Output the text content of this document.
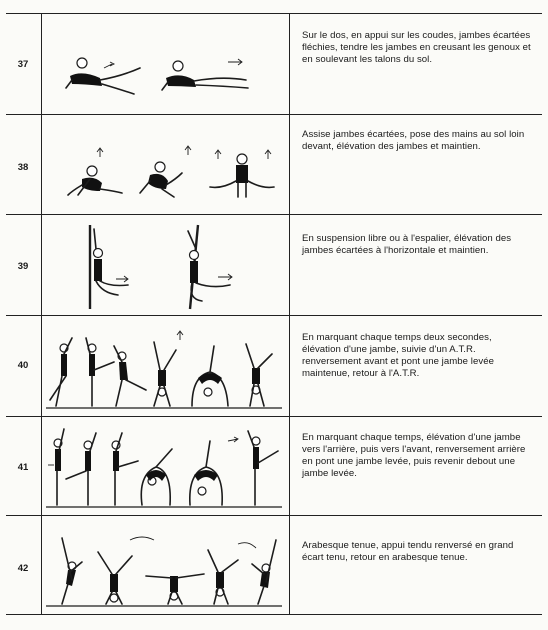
37
Sur le dos, en appui sur les coudes, jambes écartées fléchies, tendre les jambes en creusant les genoux et en soulevant les talons du sol.
38
Assise jambes écartées, pose des mains au sol loin devant, élévation des jambes et maintien.
39
En suspension libre ou à l'espalier, élévation des jambes écartées à l'horizontale et maintien.
40
En marquant chaque temps deux secondes, élévation d'une jambe, suivie d'un A.T.R. renversement avant et pont une jambe levée maintenue, retour à l'A.T.R.
41
En marquant chaque temps, élévation d'une jambe vers l'arrière, puis vers l'avant, renversement arrière en pont une jambe levée, puis revenir debout une jambe levée.
42
Arabesque tenue, appui tendu renversé en grand écart tenu, retour en arabesque tenue.
